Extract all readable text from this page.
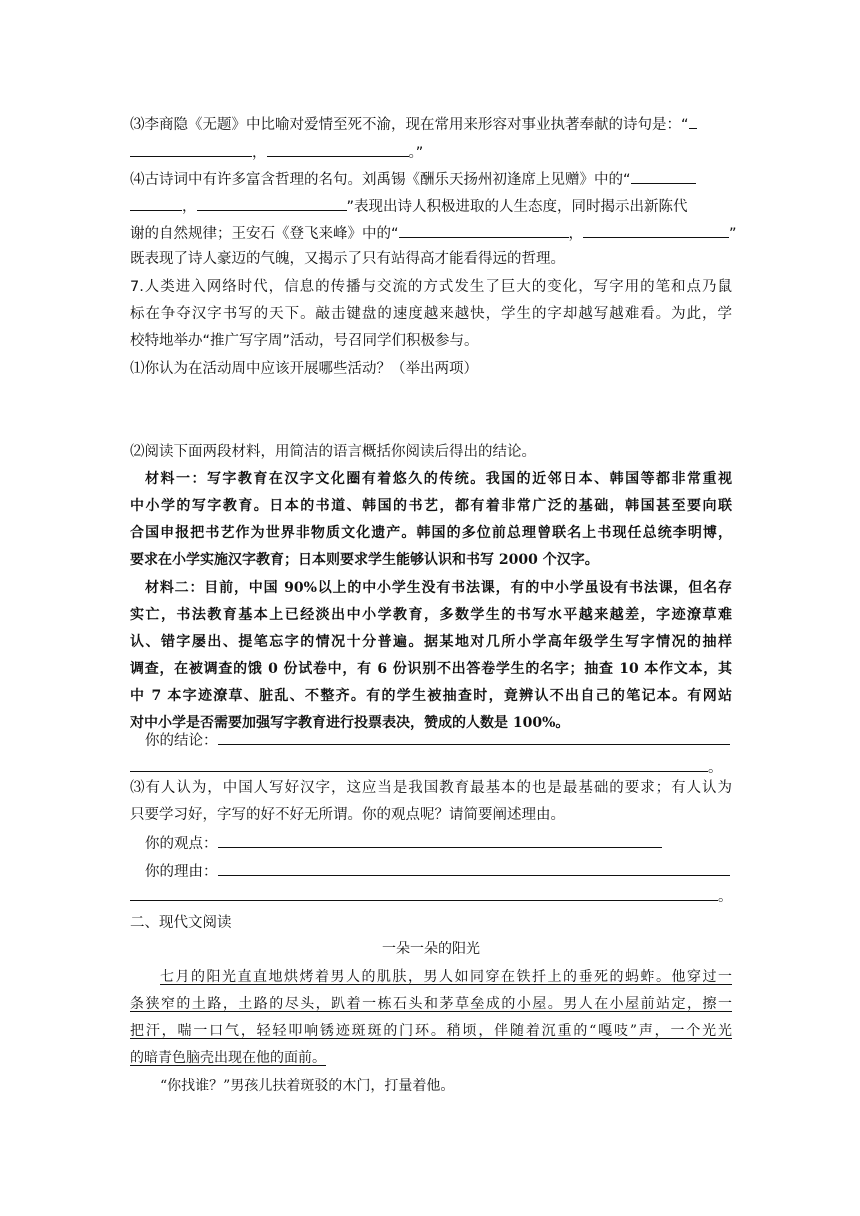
⑶李商隐《无题》中比喻对爱情至死不渝，现在常用来形容对事业执著奉献的诗句是：“
，	。”
⑷古诗词中有许多富含哲理的名句。刘禹锡《酬乐天扬州初逢席上见赠》中的“
，	”表现出诗人积极进取的人生态度，同时揭示出新陈代
谢的自然规律；王安石《登飞来峰》中的“	，	”
既表现了诗人豪迈的气魄，又揭示了只有站得高才能看得远的哲理。
7.人类进入网络时代，信息的传播与交流的方式发生了巨大的变化，写字用的笔和点乃鼠
标在争夺汉字书写的天下。敲击键盘的速度越来越快，学生的字却越写越难看。为此，学
校特地举办“推广写字周”活动，号召同学们积极参与。
⑴你认为在活动周中应该开展哪些活动？（举出两项）
⑵阅读下面两段材料，用简洁的语言概括你阅读后得出的结论。
材料一：写字教育在汉字文化圈有着悠久的传统。我国的近邻日本、韩国等都非常重视
中小学的写字教育。日本的书道、韩国的书艺，都有着非常广泛的基础，韩国甚至要向联
合国申报把书艺作为世界非物质文化遗产。韩国的多位前总理曾联名上书现任总统李明博，
要求在小学实施汉字教育；日本则要求学生能够认识和书写 2000 个汉字。
材料二：目前，中国 90%以上的中小学生没有书法课，有的中小学虽设有书法课，但名存
实亡，书法教育基本上已经淡出中小学教育，多数学生的书写水平越来越差，字迹潦草难
认、错字屡出、提笔忘字的情况十分普遍。据某地对几所小学高年级学生写字情况的抽样
调查，在被调查的饿 0 份试卷中，有 6 份识别不出答卷学生的名字；抽查 10 本作文本，其
中 7 本字迹潦草、脏乱、不整齐。有的学生被抽查时，竟辨认不出自己的笔记本。有网站
对中小学是否需要加强写字教育进行投票表决，赞成的人数是 100%。
你的结论：
。
⑶有人认为，中国人写好汉字，这应当是我国教育最基本的也是最基础的要求；有人认为
只要学习好，字写的好不好无所谓。你的观点呢？请简要阐述理由。
你的观点：
你的理由：
。
二、现代文阅读
一朵一朵的阳光
七月的阳光直直地烘烤着男人的肌肤，男人如同穿在铁扦上的垂死的蚂蚱。他穿过一
条狭窄的土路，土路的尽头，趴着一栋石头和茅草垒成的小屋。男人在小屋前站定，擦一
把汗，喘一口气，轻轻叩响锈迹斑斑的门环。稍顷，伴随着沉重的“嘎吱”声，一个光光
的暗青色脑壳出现在他的面前。
“你找谁？”男孩儿扶着斑驳的木门，打量着他。
